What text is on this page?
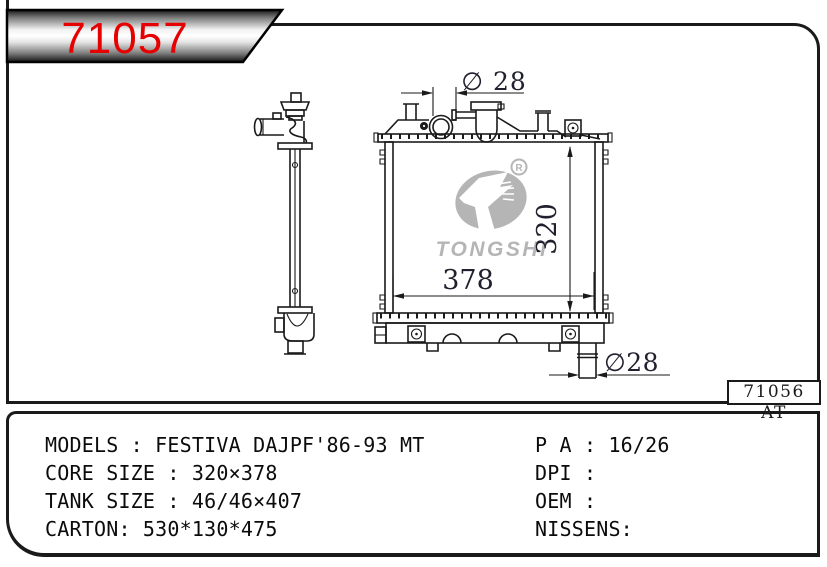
71057
R
TONGSHI
∅ 28
378
320
∅28
71056 AT
MODELS : FESTIVA DAJPF'86-93 MT
CORE SIZE : 320×378
TANK SIZE : 46/46×407
CARTON: 530*130*475
P A : 16/26
DPI :
OEM :
NISSENS:
